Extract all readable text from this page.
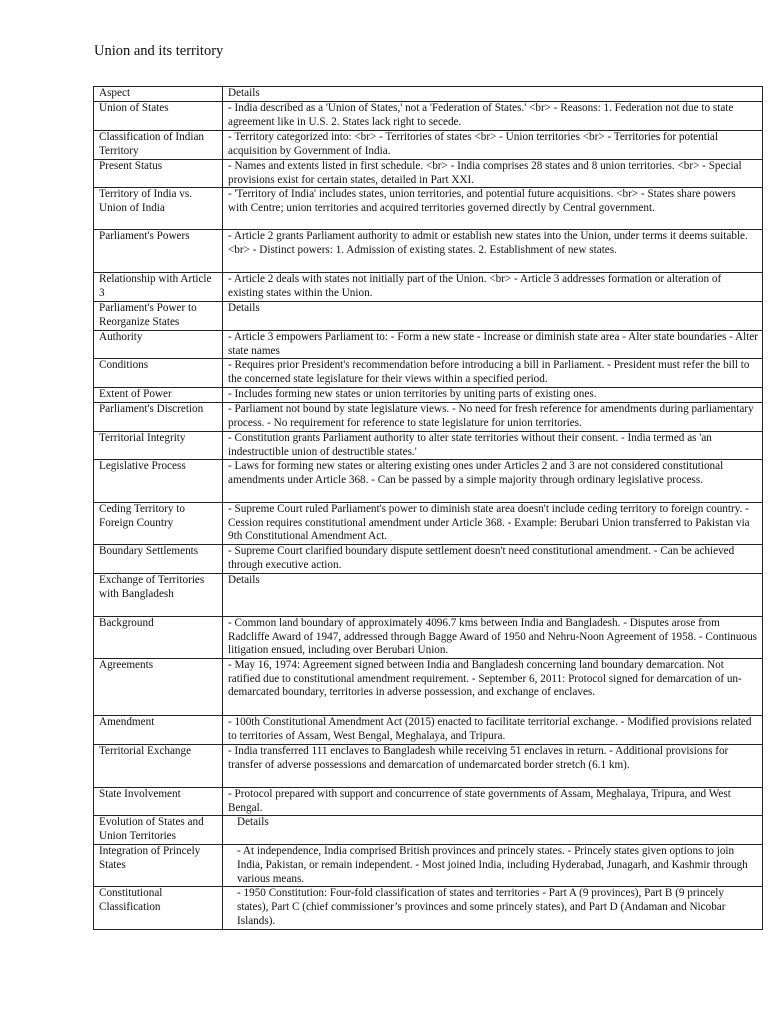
Union and its territory
Aspect	Details
Union of States	- India described as a 'Union of States,' not a 'Federation of States.' <br> - Reasons: 1. Federation not due to state agreement like in U.S. 2. States lack right to secede.
Classification of Indian Territory	- Territory categorized into: <br> - Territories of states <br> - Union territories <br> - Territories for potential acquisition by Government of India.
Present Status	- Names and extents listed in first schedule. <br> - India comprises 28 states and 8 union territories. <br> - Special provisions exist for certain states, detailed in Part XXI.
Territory of India vs. Union of India	- 'Territory of India' includes states, union territories, and potential future acquisitions. <br> - States share powers with Centre; union territories and acquired territories governed directly by Central government.
Parliament's Powers	- Article 2 grants Parliament authority to admit or establish new states into the Union, under terms it deems suitable. <br> - Distinct powers: 1. Admission of existing states. 2. Establishment of new states.
Relationship with Article 3	- Article 2 deals with states not initially part of the Union. <br> - Article 3 addresses formation or alteration of existing states within the Union.
Parliament's Power to Reorganize States	Details
Authority	- Article 3 empowers Parliament to: - Form a new state - Increase or diminish state area - Alter state boundaries - Alter state names
Conditions	- Requires prior President's recommendation before introducing a bill in Parliament. - President must refer the bill to the concerned state legislature for their views within a specified period.
Extent of Power	- Includes forming new states or union territories by uniting parts of existing ones.
Parliament's Discretion	- Parliament not bound by state legislature views. - No need for fresh reference for amendments during parliamentary process. - No requirement for reference to state legislature for union territories.
Territorial Integrity	- Constitution grants Parliament authority to alter state territories without their consent. - India termed as 'an indestructible union of destructible states.'
Legislative Process	- Laws for forming new states or altering existing ones under Articles 2 and 3 are not considered constitutional amendments under Article 368. - Can be passed by a simple majority through ordinary legislative process.
Ceding Territory to Foreign Country	- Supreme Court ruled Parliament's power to diminish state area doesn't include ceding territory to foreign country. - Cession requires constitutional amendment under Article 368. - Example: Berubari Union transferred to Pakistan via 9th Constitutional Amendment Act.
Boundary Settlements	- Supreme Court clarified boundary dispute settlement doesn't need constitutional amendment. - Can be achieved through executive action.
Exchange of Territories with Bangladesh	Details
Background	- Common land boundary of approximately 4096.7 kms between India and Bangladesh. - Disputes arose from Radcliffe Award of 1947, addressed through Bagge Award of 1950 and Nehru-Noon Agreement of 1958. - Continuous litigation ensued, including over Berubari Union.
Agreements	- May 16, 1974: Agreement signed between India and Bangladesh concerning land boundary demarcation. Not ratified due to constitutional amendment requirement. - September 6, 2011: Protocol signed for demarcation of un-demarcated boundary, territories in adverse possession, and exchange of enclaves.
Amendment	- 100th Constitutional Amendment Act (2015) enacted to facilitate territorial exchange. - Modified provisions related to territories of Assam, West Bengal, Meghalaya, and Tripura.
Territorial Exchange	- India transferred 111 enclaves to Bangladesh while receiving 51 enclaves in return. - Additional provisions for transfer of adverse possessions and demarcation of undemarcated border stretch (6.1 km).
State Involvement	- Protocol prepared with support and concurrence of state governments of Assam, Meghalaya, Tripura, and West Bengal.
Evolution of States and Union Territories	Details
Integration of Princely States	- At independence, India comprised British provinces and princely states. - Princely states given options to join India, Pakistan, or remain independent. - Most joined India, including Hyderabad, Junagarh, and Kashmir through various means.
Constitutional Classification	- 1950 Constitution: Four-fold classification of states and territories - Part A (9 provinces), Part B (9 princely states), Part C (chief commissioner’s provinces and some princely states), and Part D (Andaman and Nicobar Islands).
